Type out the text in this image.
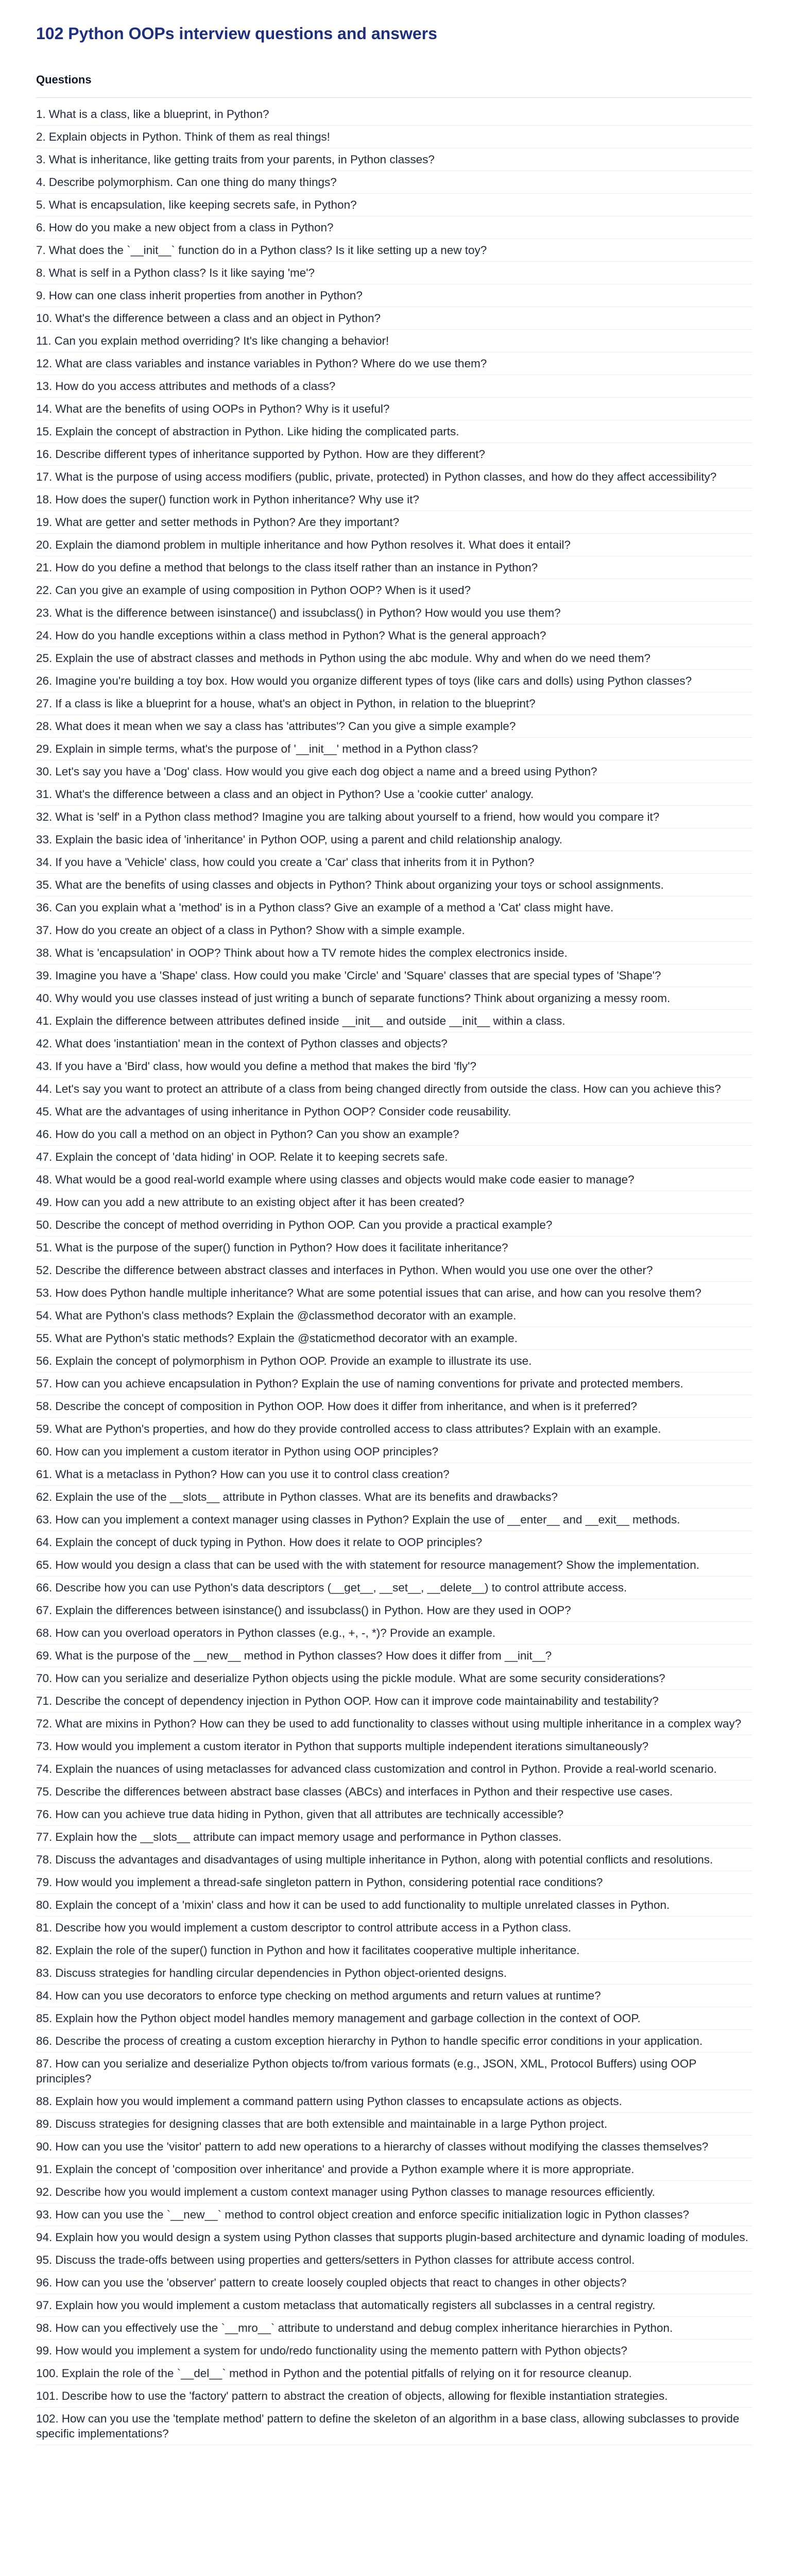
102 Python OOPs interview questions and answers
Questions
1. What is a class, like a blueprint, in Python?
2. Explain objects in Python. Think of them as real things!
3. What is inheritance, like getting traits from your parents, in Python classes?
4. Describe polymorphism. Can one thing do many things?
5. What is encapsulation, like keeping secrets safe, in Python?
6. How do you make a new object from a class in Python?
7. What does the `__init__` function do in a Python class? Is it like setting up a new toy?
8. What is self in a Python class? Is it like saying 'me'?
9. How can one class inherit properties from another in Python?
10. What's the difference between a class and an object in Python?
11. Can you explain method overriding? It's like changing a behavior!
12. What are class variables and instance variables in Python? Where do we use them?
13. How do you access attributes and methods of a class?
14. What are the benefits of using OOPs in Python? Why is it useful?
15. Explain the concept of abstraction in Python. Like hiding the complicated parts.
16. Describe different types of inheritance supported by Python. How are they different?
17. What is the purpose of using access modifiers (public, private, protected) in Python classes, and how do they affect accessibility?
18. How does the super() function work in Python inheritance? Why use it?
19. What are getter and setter methods in Python? Are they important?
20. Explain the diamond problem in multiple inheritance and how Python resolves it. What does it entail?
21. How do you define a method that belongs to the class itself rather than an instance in Python?
22. Can you give an example of using composition in Python OOP? When is it used?
23. What is the difference between isinstance() and issubclass() in Python? How would you use them?
24. How do you handle exceptions within a class method in Python? What is the general approach?
25. Explain the use of abstract classes and methods in Python using the abc module. Why and when do we need them?
26. Imagine you're building a toy box. How would you organize different types of toys (like cars and dolls) using Python classes?
27. If a class is like a blueprint for a house, what's an object in Python, in relation to the blueprint?
28. What does it mean when we say a class has 'attributes'? Can you give a simple example?
29. Explain in simple terms, what's the purpose of '__init__' method in a Python class?
30. Let's say you have a 'Dog' class. How would you give each dog object a name and a breed using Python?
31. What's the difference between a class and an object in Python? Use a 'cookie cutter' analogy.
32. What is 'self' in a Python class method? Imagine you are talking about yourself to a friend, how would you compare it?
33. Explain the basic idea of 'inheritance' in Python OOP, using a parent and child relationship analogy.
34. If you have a 'Vehicle' class, how could you create a 'Car' class that inherits from it in Python?
35. What are the benefits of using classes and objects in Python? Think about organizing your toys or school assignments.
36. Can you explain what a 'method' is in a Python class? Give an example of a method a 'Cat' class might have.
37. How do you create an object of a class in Python? Show with a simple example.
38. What is 'encapsulation' in OOP? Think about how a TV remote hides the complex electronics inside.
39. Imagine you have a 'Shape' class. How could you make 'Circle' and 'Square' classes that are special types of 'Shape'?
40. Why would you use classes instead of just writing a bunch of separate functions? Think about organizing a messy room.
41. Explain the difference between attributes defined inside __init__ and outside __init__ within a class.
42. What does 'instantiation' mean in the context of Python classes and objects?
43. If you have a 'Bird' class, how would you define a method that makes the bird 'fly'?
44. Let's say you want to protect an attribute of a class from being changed directly from outside the class. How can you achieve this?
45. What are the advantages of using inheritance in Python OOP? Consider code reusability.
46. How do you call a method on an object in Python? Can you show an example?
47. Explain the concept of 'data hiding' in OOP. Relate it to keeping secrets safe.
48. What would be a good real-world example where using classes and objects would make code easier to manage?
49. How can you add a new attribute to an existing object after it has been created?
50. Describe the concept of method overriding in Python OOP. Can you provide a practical example?
51. What is the purpose of the super() function in Python? How does it facilitate inheritance?
52. Describe the difference between abstract classes and interfaces in Python. When would you use one over the other?
53. How does Python handle multiple inheritance? What are some potential issues that can arise, and how can you resolve them?
54. What are Python's class methods? Explain the @classmethod decorator with an example.
55. What are Python's static methods? Explain the @staticmethod decorator with an example.
56. Explain the concept of polymorphism in Python OOP. Provide an example to illustrate its use.
57. How can you achieve encapsulation in Python? Explain the use of naming conventions for private and protected members.
58. Describe the concept of composition in Python OOP. How does it differ from inheritance, and when is it preferred?
59. What are Python's properties, and how do they provide controlled access to class attributes? Explain with an example.
60. How can you implement a custom iterator in Python using OOP principles?
61. What is a metaclass in Python? How can you use it to control class creation?
62. Explain the use of the __slots__ attribute in Python classes. What are its benefits and drawbacks?
63. How can you implement a context manager using classes in Python? Explain the use of __enter__ and __exit__ methods.
64. Explain the concept of duck typing in Python. How does it relate to OOP principles?
65. How would you design a class that can be used with the with statement for resource management? Show the implementation.
66. Describe how you can use Python's data descriptors (__get__, __set__, __delete__) to control attribute access.
67. Explain the differences between isinstance() and issubclass() in Python. How are they used in OOP?
68. How can you overload operators in Python classes (e.g., +, -, *)? Provide an example.
69. What is the purpose of the __new__ method in Python classes? How does it differ from __init__?
70. How can you serialize and deserialize Python objects using the pickle module. What are some security considerations?
71. Describe the concept of dependency injection in Python OOP. How can it improve code maintainability and testability?
72. What are mixins in Python? How can they be used to add functionality to classes without using multiple inheritance in a complex way?
73. How would you implement a custom iterator in Python that supports multiple independent iterations simultaneously?
74. Explain the nuances of using metaclasses for advanced class customization and control in Python. Provide a real-world scenario.
75. Describe the differences between abstract base classes (ABCs) and interfaces in Python and their respective use cases.
76. How can you achieve true data hiding in Python, given that all attributes are technically accessible?
77. Explain how the __slots__ attribute can impact memory usage and performance in Python classes.
78. Discuss the advantages and disadvantages of using multiple inheritance in Python, along with potential conflicts and resolutions.
79. How would you implement a thread-safe singleton pattern in Python, considering potential race conditions?
80. Explain the concept of a 'mixin' class and how it can be used to add functionality to multiple unrelated classes in Python.
81. Describe how you would implement a custom descriptor to control attribute access in a Python class.
82. Explain the role of the super() function in Python and how it facilitates cooperative multiple inheritance.
83. Discuss strategies for handling circular dependencies in Python object-oriented designs.
84. How can you use decorators to enforce type checking on method arguments and return values at runtime?
85. Explain how the Python object model handles memory management and garbage collection in the context of OOP.
86. Describe the process of creating a custom exception hierarchy in Python to handle specific error conditions in your application.
87. How can you serialize and deserialize Python objects to/from various formats (e.g., JSON, XML, Protocol Buffers) using OOP principles?
88. Explain how you would implement a command pattern using Python classes to encapsulate actions as objects.
89. Discuss strategies for designing classes that are both extensible and maintainable in a large Python project.
90. How can you use the 'visitor' pattern to add new operations to a hierarchy of classes without modifying the classes themselves?
91. Explain the concept of 'composition over inheritance' and provide a Python example where it is more appropriate.
92. Describe how you would implement a custom context manager using Python classes to manage resources efficiently.
93. How can you use the `__new__` method to control object creation and enforce specific initialization logic in Python classes?
94. Explain how you would design a system using Python classes that supports plugin-based architecture and dynamic loading of modules.
95. Discuss the trade-offs between using properties and getters/setters in Python classes for attribute access control.
96. How can you use the 'observer' pattern to create loosely coupled objects that react to changes in other objects?
97. Explain how you would implement a custom metaclass that automatically registers all subclasses in a central registry.
98. How can you effectively use the `__mro__` attribute to understand and debug complex inheritance hierarchies in Python.
99. How would you implement a system for undo/redo functionality using the memento pattern with Python objects?
100. Explain the role of the `__del__` method in Python and the potential pitfalls of relying on it for resource cleanup.
101. Describe how to use the 'factory' pattern to abstract the creation of objects, allowing for flexible instantiation strategies.
102. How can you use the 'template method' pattern to define the skeleton of an algorithm in a base class, allowing subclasses to provide specific implementations?
